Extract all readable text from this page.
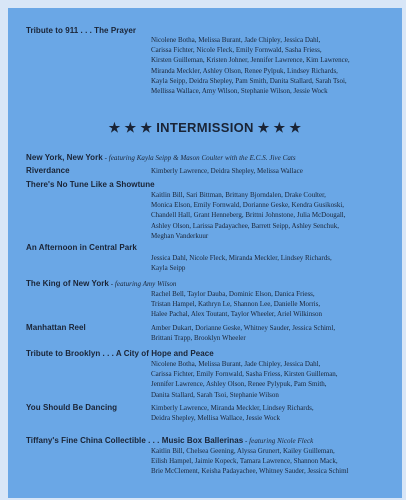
Tribute to 911 . . . The Prayer
Nicolene Botha, Melissa Burant, Jade Chipley, Jessica Dahl,
Carissa Fichter, Nicole Fleck, Emily Fornwald, Sasha Friess,
Kirsten Guilleman, Kristen Johner, Jennifer Lawrence, Kim Lawrence,
Miranda Meckler, Ashley Olson, Renee Pylpuk, Lindsey Richards,
Kayla Seipp, Deidra Shepley, Pam Smith, Danita Stallard, Sarah Tsoi,
Mellissa Wallace, Amy Wilson, Stephanie Wilson, Jessie Wock
★ ★ ★ INTERMISSION ★ ★ ★
New York, New York - featuring Kayla Seipp & Mason Coulter with the E.C.S. Jive Cats
Riverdance	Kimberly Lawrence, Deidra Shepley, Melissa Wallace
There's No Tune Like a Showtune
Kaitlin Bill, Sari Bittman, Brittany Bjorndalen, Drake Coulter,
Monica Elson, Emily Fornwald, Dorianne Geske, Kendra Gusikoski,
Chandell Hall, Grant Henneberg, Brittni Johnstone, Julia McDougall,
Ashley Olson, Larissa Padayachee, Barrett Seipp, Ashley Senchuk,
Meghan Vanderkuur
An Afternoon in Central Park
Jessica Dahl, Nicole Fleck, Miranda Meckler, Lindsey Richards,
Kayla Seipp
The King of New York - featuring Amy Wilson
Rachel Bell, Taylor Dauba, Dominic Elson, Danica Friess,
Tristan Hampel, Kathryn Le, Shannon Lee, Danielle Morris,
Halee Pachal, Alex Toutant, Taylor Wheeler, Ariel Wilkinson
Manhattan Reel	Amber Dukart, Dorianne Geske, Whitney Sauder, Jessica Schiml,
Brittani Trapp, Brooklyn Wheeler
Tribute to Brooklyn . . . A City of Hope and Peace
Nicolene Botha, Melissa Burant, Jade Chipley, Jessica Dahl,
Carissa Fichter, Emily Fornwald, Sasha Friess, Kirsten Guilleman,
Jennifer Lawrence, Ashley Olson, Renee Pylypuk, Pam Smith,
Danita Stallard, Sarah Tsoi, Stephanie Wilson
You Should Be Dancing	Kimberly Lawrence, Miranda Meckler, Lindsey Richards,
Deidra Shepley, Mellisa Wallace, Jessie Wock
Tiffany's Fine China Collectible . . . Music Box Ballerinas - featuring Nicole Fleck
Kaitlin Bill, Chelsea Geening, Alyssa Grunert, Kailey Guilleman,
Eilish Hampel, Jaimie Kopeck, Tamara Lawrence, Shannon Mack,
Brie McClement, Keisha Padayachee, Whitney Sauder, Jessica Schiml
